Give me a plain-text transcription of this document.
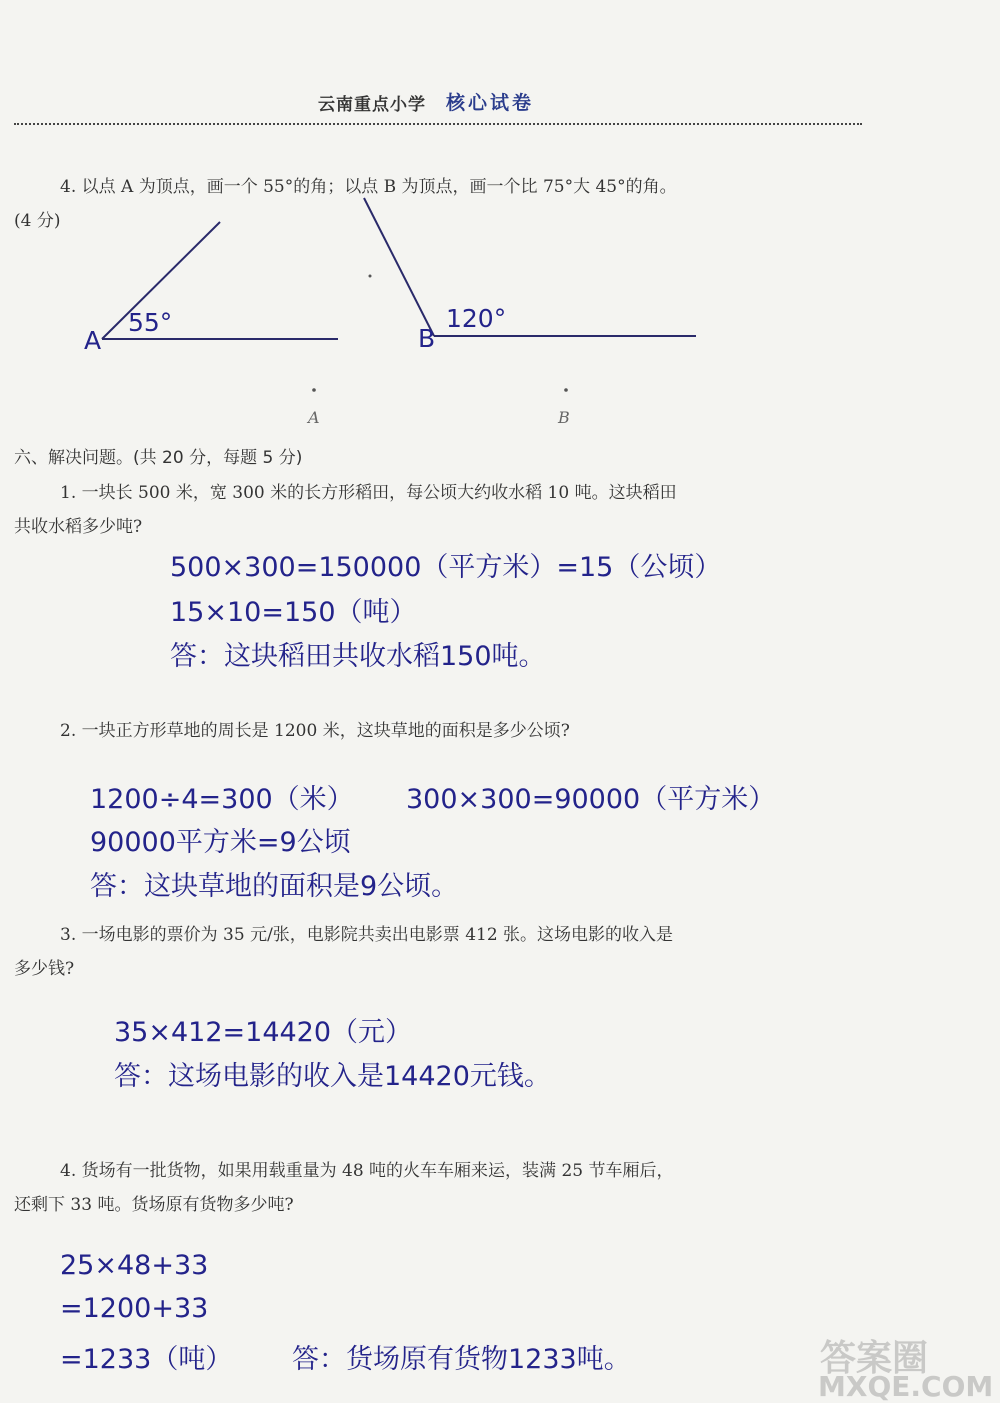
云南重点小学 核心试卷
4. 以点 A 为顶点，画一个 55°的角；以点 B 为顶点，画一个比 75°大 45°的角。
(4 分)
A
55°
B
120°
A	B
六、解决问题。(共 20 分，每题 5 分)
1. 一块长 500 米，宽 300 米的长方形稻田，每公顷大约收水稻 10 吨。这块稻田
共收水稻多少吨?
500×300=150000（平方米）=15（公顷）
15×10=150（吨）
答：这块稻田共收水稻150吨。
2. 一块正方形草地的周长是 1200 米，这块草地的面积是多少公顷?
1200÷4=300（米） 300×300=90000（平方米）
90000平方米=9公顷
答：这块草地的面积是9公顷。
3. 一场电影的票价为 35 元/张，电影院共卖出电影票 412 张。这场电影的收入是
多少钱?
35×412=14420（元）
答：这场电影的收入是14420元钱。
4. 货场有一批货物，如果用载重量为 48 吨的火车车厢来运，装满 25 节车厢后，
还剩下 33 吨。货场原有货物多少吨?
25×48+33
=1200+33
=1233（吨） 答：货场原有货物1233吨。	答案圈
MXQE.COM
